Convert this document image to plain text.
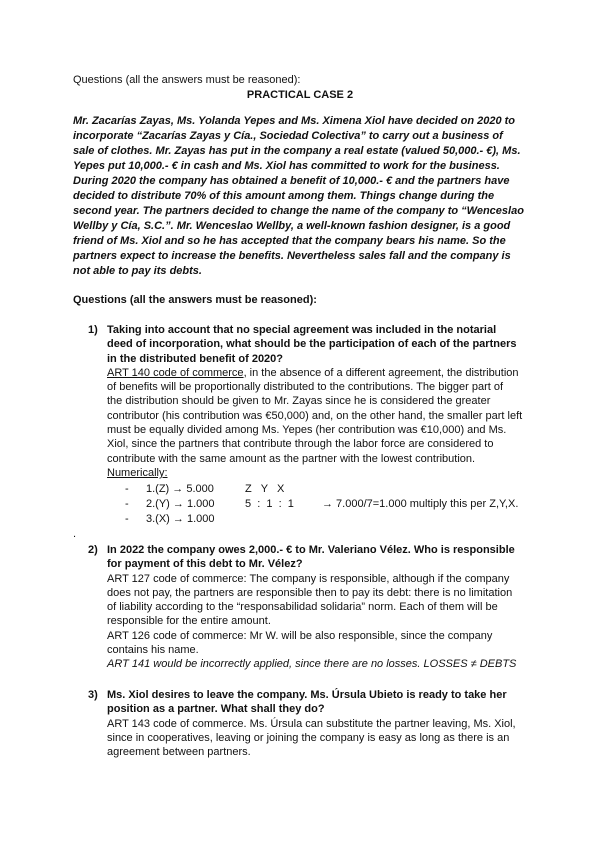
Questions (all the answers must be reasoned):
PRACTICAL CASE 2

Mr. Zacarías Zayas, Ms. Yolanda Yepes and Ms. Ximena Xiol have decided on 2020 to
incorporate “Zacarías Zayas y Cía., Sociedad Colectiva” to carry out a business of
sale of clothes. Mr. Zayas has put in the company a real estate (valued 50,000.- €), Ms.
Yepes put 10,000.- € in cash and Ms. Xiol has committed to work for the business.
During 2020 the company has obtained a benefit of 10,000.- € and the partners have
decided to distribute 70% of this amount among them. Things change during the
second year. The partners decided to change the name of the company to “Wenceslao
Wellby y Cía, S.C.”. Mr. Wenceslao Wellby, a well-known fashion designer, is a good
friend of Ms. Xiol and so he has accepted that the company bears his name. So the
partners expect to increase the benefits. Nevertheless sales fall and the company is
not able to pay its debts.

Questions (all the answers must be reasoned):
1) Taking into account that no special agreement was included in the notarial
deed of incorporation, what should be the participation of each of the partners
in the distributed benefit of 2020?
ART 140 code of commerce, in the absence of a different agreement, the distribution
of benefits will be proportionally distributed to the contributions. The bigger part of
the distribution should be given to Mr. Zayas since he is considered the greater
contributor (his contribution was €50,000) and, on the other hand, the smaller part left
must be equally divided among Ms. Yepes (her contribution was €10,000) and Ms.
Xiol, since the partners that contribute through the labor force are considered to
contribute with the same amount as the partner with the lowest contribution.
Numerically:
- 1.(Z) → 5.000
- 2.(Y) → 1.000
- 3.(X) → 1.000
Z   Y   X
5  :  1  :  1	→ 7.000/7=1.000 multiply this per Z,Y,X.
.
2) In 2022 the company owes 2,000.- € to Mr. Valeriano Vélez. Who is responsible
for payment of this debt to Mr. Vélez?
ART 127 code of commerce: The company is responsible, although if the company
does not pay, the partners are responsible then to pay its debt: there is no limitation
of liability according to the “responsabilidad solidaria” norm. Each of them will be
responsible for the entire amount.
ART 126 code of commerce: Mr W. will be also responsible, since the company
contains his name.
ART 141 would be incorrectly applied, since there are no losses. LOSSES ≠ DEBTS
3) Ms. Xiol desires to leave the company. Ms. Úrsula Ubieto is ready to take her
position as a partner. What shall they do?
ART 143 code of commerce. Ms. Úrsula can substitute the partner leaving, Ms. Xiol,
since in cooperatives, leaving or joining the company is easy as long as there is an
agreement between partners.
